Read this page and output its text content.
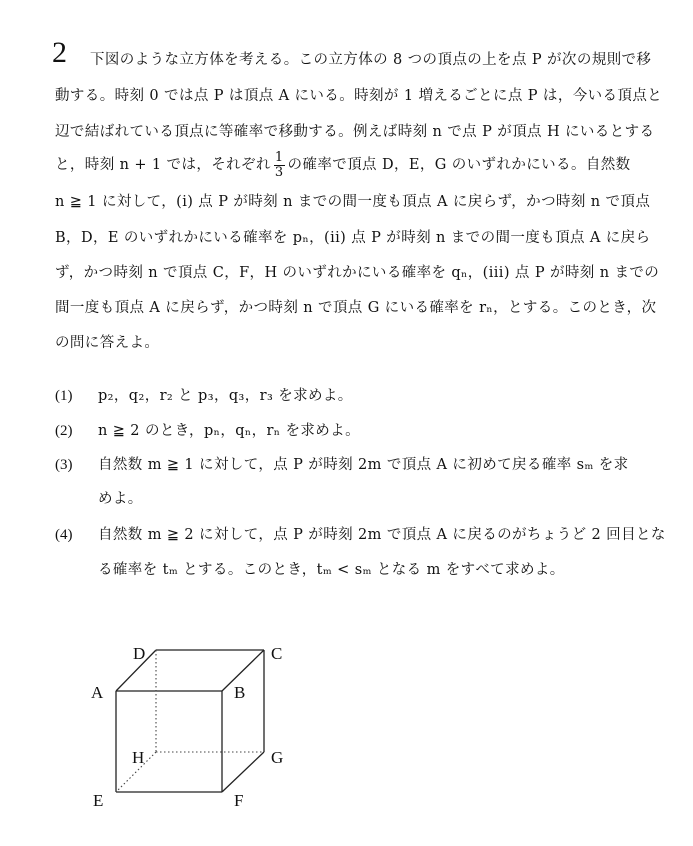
2 下図のような立方体を考える。この立方体の 8 つの頂点の上を点 P が次の規則で移
動する。時刻 0 では点 P は頂点 A にいる。時刻が 1 増えるごとに点 P は，今いる頂点と
辺で結ばれている頂点に等確率で移動する。例えば時刻 n で点 P が頂点 H にいるとする
と，時刻 n + 1 では，それぞれ $\frac{1}{3}$ の確率で頂点 D，E，G のいずれかにいる。自然数
n ≧ 1 に対して，(i) 点 P が時刻 n までの間一度も頂点 A に戻らず，かつ時刻 n で頂点
B，D，E のいずれかにいる確率を pₙ，(ii) 点 P が時刻 n までの間一度も頂点 A に戻ら
ず，かつ時刻 n で頂点 C，F，H のいずれかにいる確率を qₙ，(iii) 点 P が時刻 n までの
間一度も頂点 A に戻らず，かつ時刻 n で頂点 G にいる確率を rₙ，とする。このとき，次
の問に答えよ。
(1) p₂，q₂，r₂ と p₃，q₃，r₃ を求めよ。
(2) n ≧ 2 のとき，pₙ，qₙ，rₙ を求めよ。
(3) 自然数 m ≧ 1 に対して，点 P が時刻 2m で頂点 A に初めて戻る確率 sₘ を求
めよ。
(4) 自然数 m ≧ 2 に対して，点 P が時刻 2m で頂点 A に戻るのがちょうど 2 回目とな
る確率を tₘ とする。このとき，tₘ < sₘ となる m をすべて求めよ。
D	C
A	B
H	G
E	F
